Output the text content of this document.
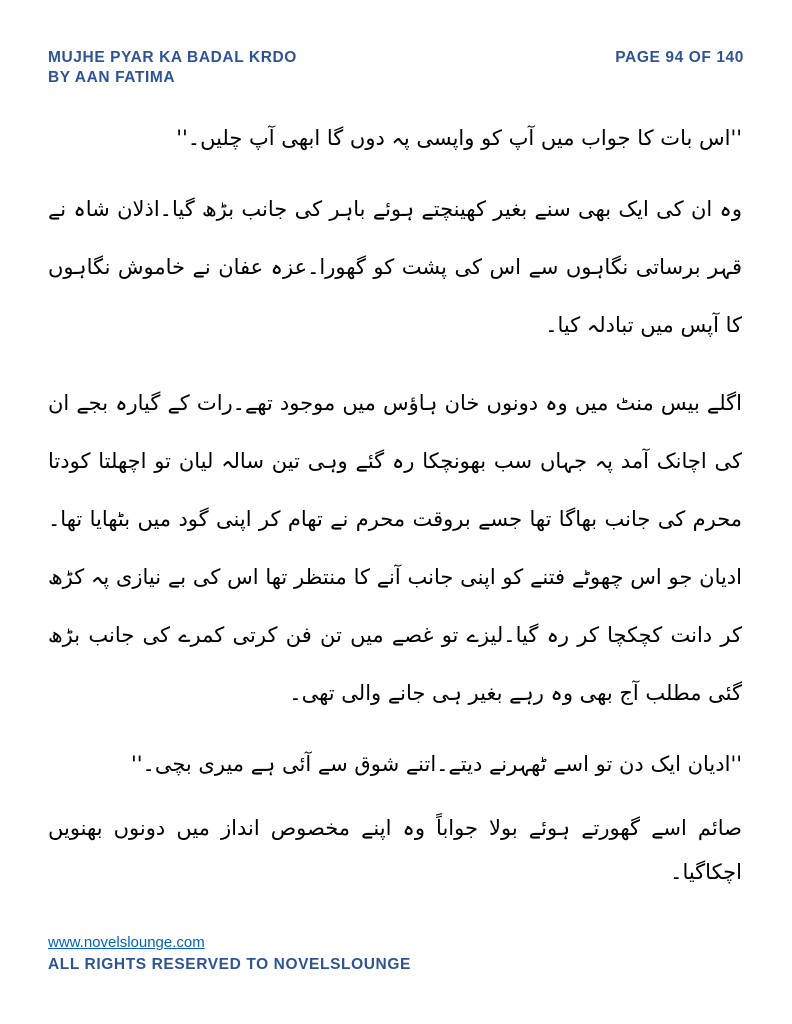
MUJHE PYAR KA BADAL KRDO
BY AAN FATIMA
PAGE 94 OF 140

''اس بات کا جواب میں آپ کو واپسی پہ دوں گا ابھی آپ چلیں۔''

وہ ان کی ایک بھی سنے بغیر کھینچتے ہوئے باہر کی جانب بڑھ گیا۔اذلان شاہ نے قہر برساتی نگاہوں سے اس کی پشت کو گھورا۔عزہ عفان نے خاموش نگاہوں کا آپس میں تبادلہ کیا۔

اگلے بیس منٹ میں وہ دونوں خان ہاؤس میں موجود تھے۔رات کے گیارہ بجے ان کی اچانک آمد پہ جہاں سب بھونچکا رہ گئے وہی تین سالہ لیان تو اچھلتا کودتا محرم کی جانب بھاگا تھا جسے بروقت محرم نے تھام کر اپنی گود میں بٹھایا تھا۔ادیان جو اس چھوٹے فتنے کو اپنی جانب آنے کا منتظر تھا اس کی بے نیازی پہ کڑھ کر دانت کچکچا کر رہ گیا۔لیزے تو غصے میں تن فن کرتی کمرے کی جانب بڑھ گئی مطلب آج بھی وہ رہے بغیر ہی جانے والی تھی۔

''ادیان ایک دن تو اسے ٹھہرنے دیتے۔اتنے شوق سے آئی ہے میری بچی۔''

صائم اسے گھورتے ہوئے بولا جواباً وہ اپنے مخصوص انداز میں دونوں بھنویں اچکاگیا۔

www.novelslounge.com
ALL RIGHTS RESERVED TO NOVELSLOUNGE
